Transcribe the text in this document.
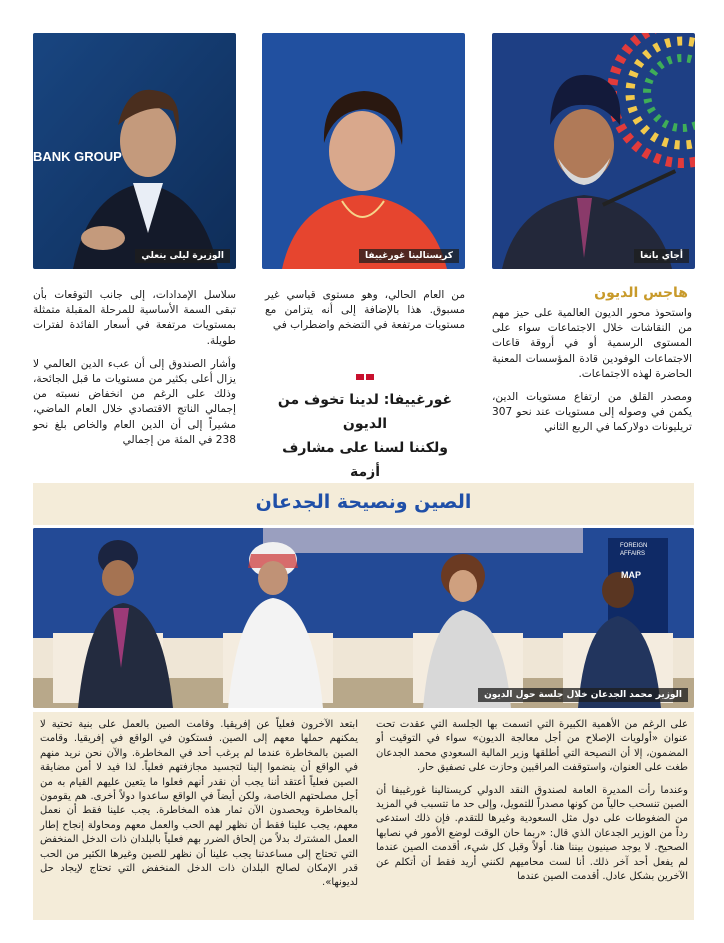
BANK GROUP
الوزيرة ليلى بنعلي	كريستالينا غورغييفا	أجاي بانغا
هاجس الديون

واستحوذ محور الديون العالمية على حيز مهم من النقاشات خلال الاجتماعات سواء على المستوى الرسمية أو في أروقة قاعات الاجتماعات الوفودين قادة المؤسسات المعنية الحاضرة لهذه الاجتماعات.

ومصدر القلق من ارتفاع مستويات الدين، يكمن في وصوله إلى مستويات عند نحو 307 تريليونات دولاركما في الربع الثاني

من العام الحالي، وهو مستوى قياسي غير مسبوق. هذا بالإضافة إلى أنه يتزامن مع مستويات مرتفعة في التضخم واضطراب في

غورغييفا: لدينا تخوف من الديون
ولكننا لسنا على مشارف أزمة

سلاسل الإمدادات، إلى جانب التوقعات بأن تبقى السمة الأساسية للمرحلة المقبلة متمثلة بمستويات مرتفعة في أسعار الفائدة لفترات طويلة.

وأشار الصندوق إلى أن عبء الدين العالمي لا يزال أعلى بكثير من مستويات ما قبل الجائحة، وذلك على الرغم من انخفاض نسبته من إجمالي الناتج الاقتصادي خلال العام الماضي، مشيراً إلى أن الدين العام والخاص بلغ نحو 238 في المئة من إجمالي

الصين ونصيحة الجدعان
FOREIGN AFFAIRS
MAP
الوزير محمد الجدعان خلال جلسة حول الديون

على الرغم من الأهمية الكبيرة التي اتسمت بها الجلسة التي عقدت تحت عنوان «أولويات الإصلاح من أجل معالجة الديون» سواء في التوقيت أو المضمون، إلا أن النصيحة التي أطلقها وزير المالية السعودي محمد الجدعان طغت على العنوان، واستوقفت المراقبين وحازت على تصفيق حار.

وعندما رأت المديرة العامة لصندوق النقد الدولي كريستالينا غورغييفا أن الصين تنسحب حالياً من كونها مصدراً للتمويل، وإلى حد ما تتسبب في المزيد من الضغوطات على دول مثل السعودية وغيرها للتقدم. فإن ذلك استدعى رداً من الوزير الجدعان الذي قال: «ربما حان الوقت لوضع الأمور في نصابها الصحيح. لا يوجد صينيون بيننا هنا. أولاً وقبل كل شيء، أقدمت الصين عندما لم يفعل أحد آخر ذلك. أنا لست محاميهم لكنني أريد فقط أن أتكلم عن الآخرين بشكل عادل. أقدمت الصين عندما

ابتعد الآخرون فعلياً عن إفريقيا. وقامت الصين بالعمل على بنية تحتية لا يمكنهم حملها معهم إلى الصين. فستكون في الواقع في إفريقيا. وقامت الصين بالمخاطرة عندما لم يرغب أحد في المخاطرة. والآن نحن نريد منهم في الواقع أن ينضموا إلينا لتجسيد مجازفتهم فعلياً. لذا فيد لا أمن مضايقة الصين فعلياً أعتقد أننا يجب أن نقدر أنهم فعلوا ما يتعين عليهم القيام به من أجل مصلحتهم الخاصة، ولكن أيضاً في الواقع ساعدوا دولاً أخرى. هم يقومون بالمخاطرة ويحصدون الآن ثمار هذه المخاطرة. يجب علينا فقط أن نعمل معهم، يجب علينا فقط أن نظهر لهم الحب والعمل معهم ومحاولة إنجاح إطار العمل المشترك بدلاً من إلحاق الضرر بهم فعلياً بالبلدان ذات الدخل المنخفض التي تحتاج إلى مساعدتنا يجب علينا أن نظهر للصين وغيرها الكثير من الحب قدر الإمكان لصالح البلدان ذات الدخل المنخفض التي تحتاج لإيجاد حل لديونها».
